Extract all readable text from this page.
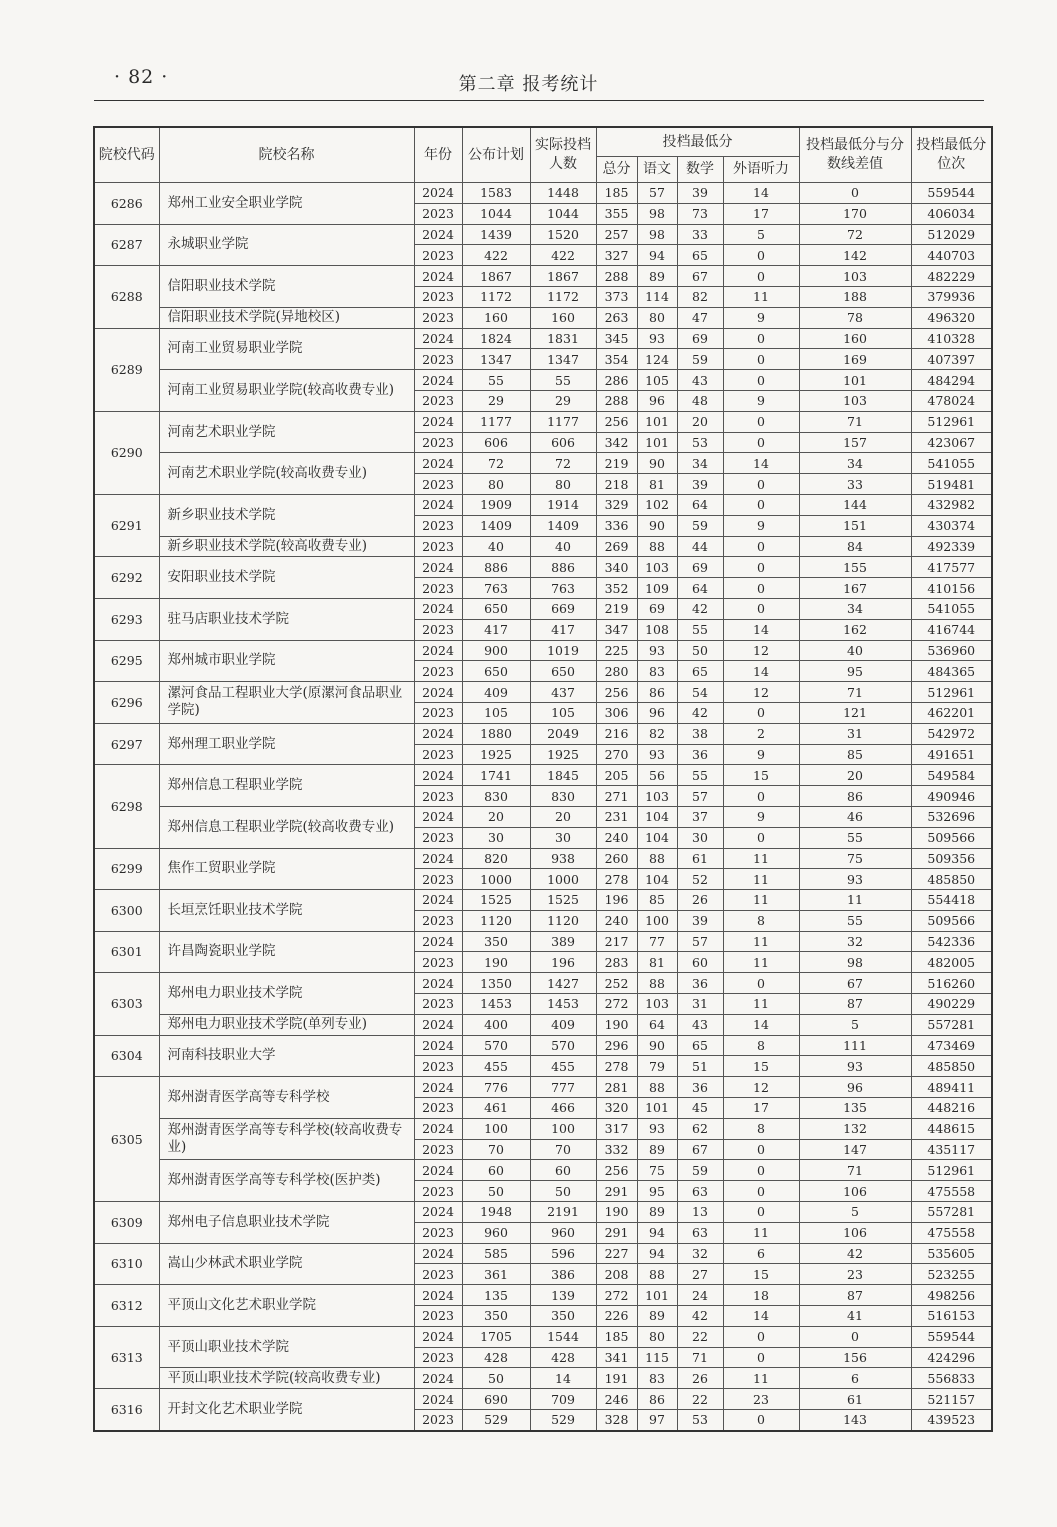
· 82 ·	第二章 报考统计
院校代码	院校名称	年份	公布计划	实际投档人数	投档最低分				投档最低分与分数线差值	投档最低分位次
					总分	语文	数学	外语听力		
6286	郑州工业安全职业学院	2024	1583	1448	185	57	39	14	0	559544
		2023	1044	1044	355	98	73	17	170	406034
6287	永城职业学院	2024	1439	1520	257	98	33	5	72	512029
		2023	422	422	327	94	65	0	142	440703
6288	信阳职业技术学院	2024	1867	1867	288	89	67	0	103	482229
		2023	1172	1172	373	114	82	11	188	379936
	信阳职业技术学院(异地校区)	2023	160	160	263	80	47	9	78	496320
6289	河南工业贸易职业学院	2024	1824	1831	345	93	69	0	160	410328
		2023	1347	1347	354	124	59	0	169	407397
	河南工业贸易职业学院(较高收费专业)	2024	55	55	286	105	43	0	101	484294
		2023	29	29	288	96	48	9	103	478024
6290	河南艺术职业学院	2024	1177	1177	256	101	20	0	71	512961
		2023	606	606	342	101	53	0	157	423067
	河南艺术职业学院(较高收费专业)	2024	72	72	219	90	34	14	34	541055
		2023	80	80	218	81	39	0	33	519481
6291	新乡职业技术学院	2024	1909	1914	329	102	64	0	144	432982
		2023	1409	1409	336	90	59	9	151	430374
	新乡职业技术学院(较高收费专业)	2023	40	40	269	88	44	0	84	492339
6292	安阳职业技术学院	2024	886	886	340	103	69	0	155	417577
		2023	763	763	352	109	64	0	167	410156
6293	驻马店职业技术学院	2024	650	669	219	69	42	0	34	541055
		2023	417	417	347	108	55	14	162	416744
6295	郑州城市职业学院	2024	900	1019	225	93	50	12	40	536960
		2023	650	650	280	83	65	14	95	484365
6296	漯河食品工程职业大学(原漯河食品职业学院)	2024	409	437	256	86	54	12	71	512961
		2023	105	105	306	96	42	0	121	462201
6297	郑州理工职业学院	2024	1880	2049	216	82	38	2	31	542972
		2023	1925	1925	270	93	36	9	85	491651
6298	郑州信息工程职业学院	2024	1741	1845	205	56	55	15	20	549584
		2023	830	830	271	103	57	0	86	490946
	郑州信息工程职业学院(较高收费专业)	2024	20	20	231	104	37	9	46	532696
		2023	30	30	240	104	30	0	55	509566
6299	焦作工贸职业学院	2024	820	938	260	88	61	11	75	509356
		2023	1000	1000	278	104	52	11	93	485850
6300	长垣烹饪职业技术学院	2024	1525	1525	196	85	26	11	11	554418
		2023	1120	1120	240	100	39	8	55	509566
6301	许昌陶瓷职业学院	2024	350	389	217	77	57	11	32	542336
		2023	190	196	283	81	60	11	98	482005
6303	郑州电力职业技术学院	2024	1350	1427	252	88	36	0	67	516260
		2023	1453	1453	272	103	31	11	87	490229
	郑州电力职业技术学院(单列专业)	2024	400	409	190	64	43	14	5	557281
6304	河南科技职业大学	2024	570	570	296	90	65	8	111	473469
		2023	455	455	278	79	51	15	93	485850
6305	郑州澍青医学高等专科学校	2024	776	777	281	88	36	12	96	489411
		2023	461	466	320	101	45	17	135	448216
	郑州澍青医学高等专科学校(较高收费专业)	2024	100	100	317	93	62	8	132	448615
		2023	70	70	332	89	67	0	147	435117
	郑州澍青医学高等专科学校(医护类)	2024	60	60	256	75	59	0	71	512961
		2023	50	50	291	95	63	0	106	475558
6309	郑州电子信息职业技术学院	2024	1948	2191	190	89	13	0	5	557281
		2023	960	960	291	94	63	11	106	475558
6310	嵩山少林武术职业学院	2024	585	596	227	94	32	6	42	535605
		2023	361	386	208	88	27	15	23	523255
6312	平顶山文化艺术职业学院	2024	135	139	272	101	24	18	87	498256
		2023	350	350	226	89	42	14	41	516153
6313	平顶山职业技术学院	2024	1705	1544	185	80	22	0	0	559544
		2023	428	428	341	115	71	0	156	424296
	平顶山职业技术学院(较高收费专业)	2024	50	14	191	83	26	11	6	556833
6316	开封文化艺术职业学院	2024	690	709	246	86	22	23	61	521157
		2023	529	529	328	97	53	0	143	439523
